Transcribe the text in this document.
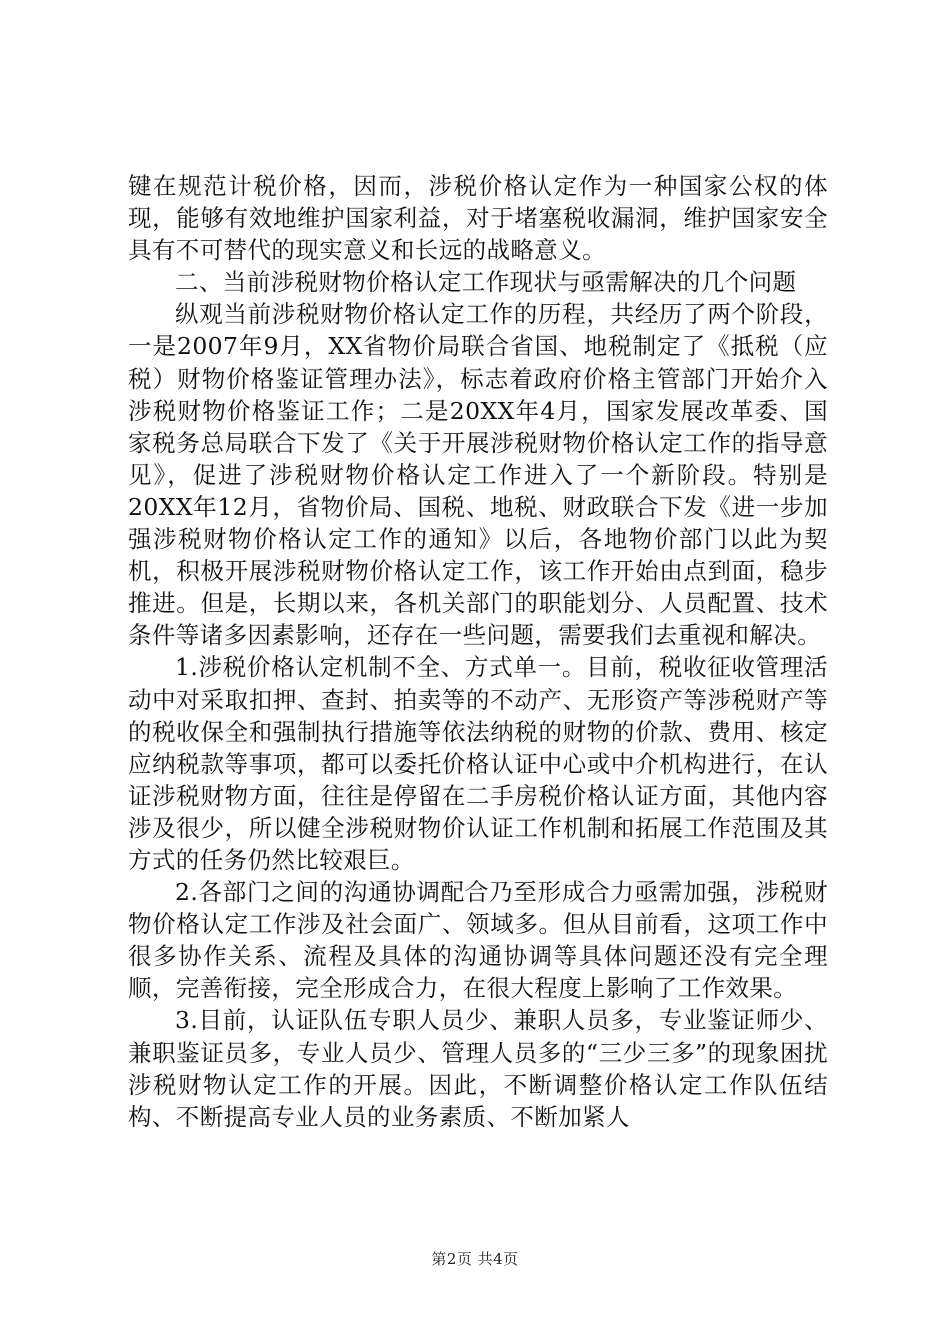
键在规范计税价格，因而，涉税价格认定作为一种国家公权的体现，能够有效地维护国家利益，对于堵塞税收漏洞，维护国家安全具有不可替代的现实意义和长远的战略意义。

二、当前涉税财物价格认定工作现状与亟需解决的几个问题

纵观当前涉税财物价格认定工作的历程，共经历了两个阶段，一是2007年9月，XX省物价局联合省国、地税制定了《抵税（应税）财物价格鉴证管理办法》，标志着政府价格主管部门开始介入涉税财物价格鉴证工作；二是20XX年4月，国家发展改革委、国家税务总局联合下发了《关于开展涉税财物价格认定工作的指导意见》，促进了涉税财物价格认定工作进入了一个新阶段。特别是20XX年12月，省物价局、国税、地税、财政联合下发《进一步加强涉税财物价格认定工作的通知》以后，各地物价部门以此为契机，积极开展涉税财物价格认定工作，该工作开始由点到面，稳步推进。但是，长期以来，各机关部门的职能划分、人员配置、技术条件等诸多因素影响，还存在一些问题，需要我们去重视和解决。

1.涉税价格认定机制不全、方式单一。目前，税收征收管理活动中对采取扣押、查封、拍卖等的不动产、无形资产等涉税财产等的税收保全和强制执行措施等依法纳税的财物的价款、费用、核定应纳税款等事项，都可以委托价格认证中心或中介机构进行，在认证涉税财物方面，往往是停留在二手房税价格认证方面，其他内容涉及很少，所以健全涉税财物价认证工作机制和拓展工作范围及其方式的任务仍然比较艰巨。

2.各部门之间的沟通协调配合乃至形成合力亟需加强，涉税财物价格认定工作涉及社会面广、领域多。但从目前看，这项工作中很多协作关系、流程及具体的沟通协调等具体问题还没有完全理顺，完善衔接，完全形成合力，在很大程度上影响了工作效果。

3.目前，认证队伍专职人员少、兼职人员多，专业鉴证师少、兼职鉴证员多，专业人员少、管理人员多的“三少三多”的现象困扰涉税财物认定工作的开展。因此，不断调整价格认定工作队伍结构、不断提高专业人员的业务素质、不断加紧人

第2页 共4页
